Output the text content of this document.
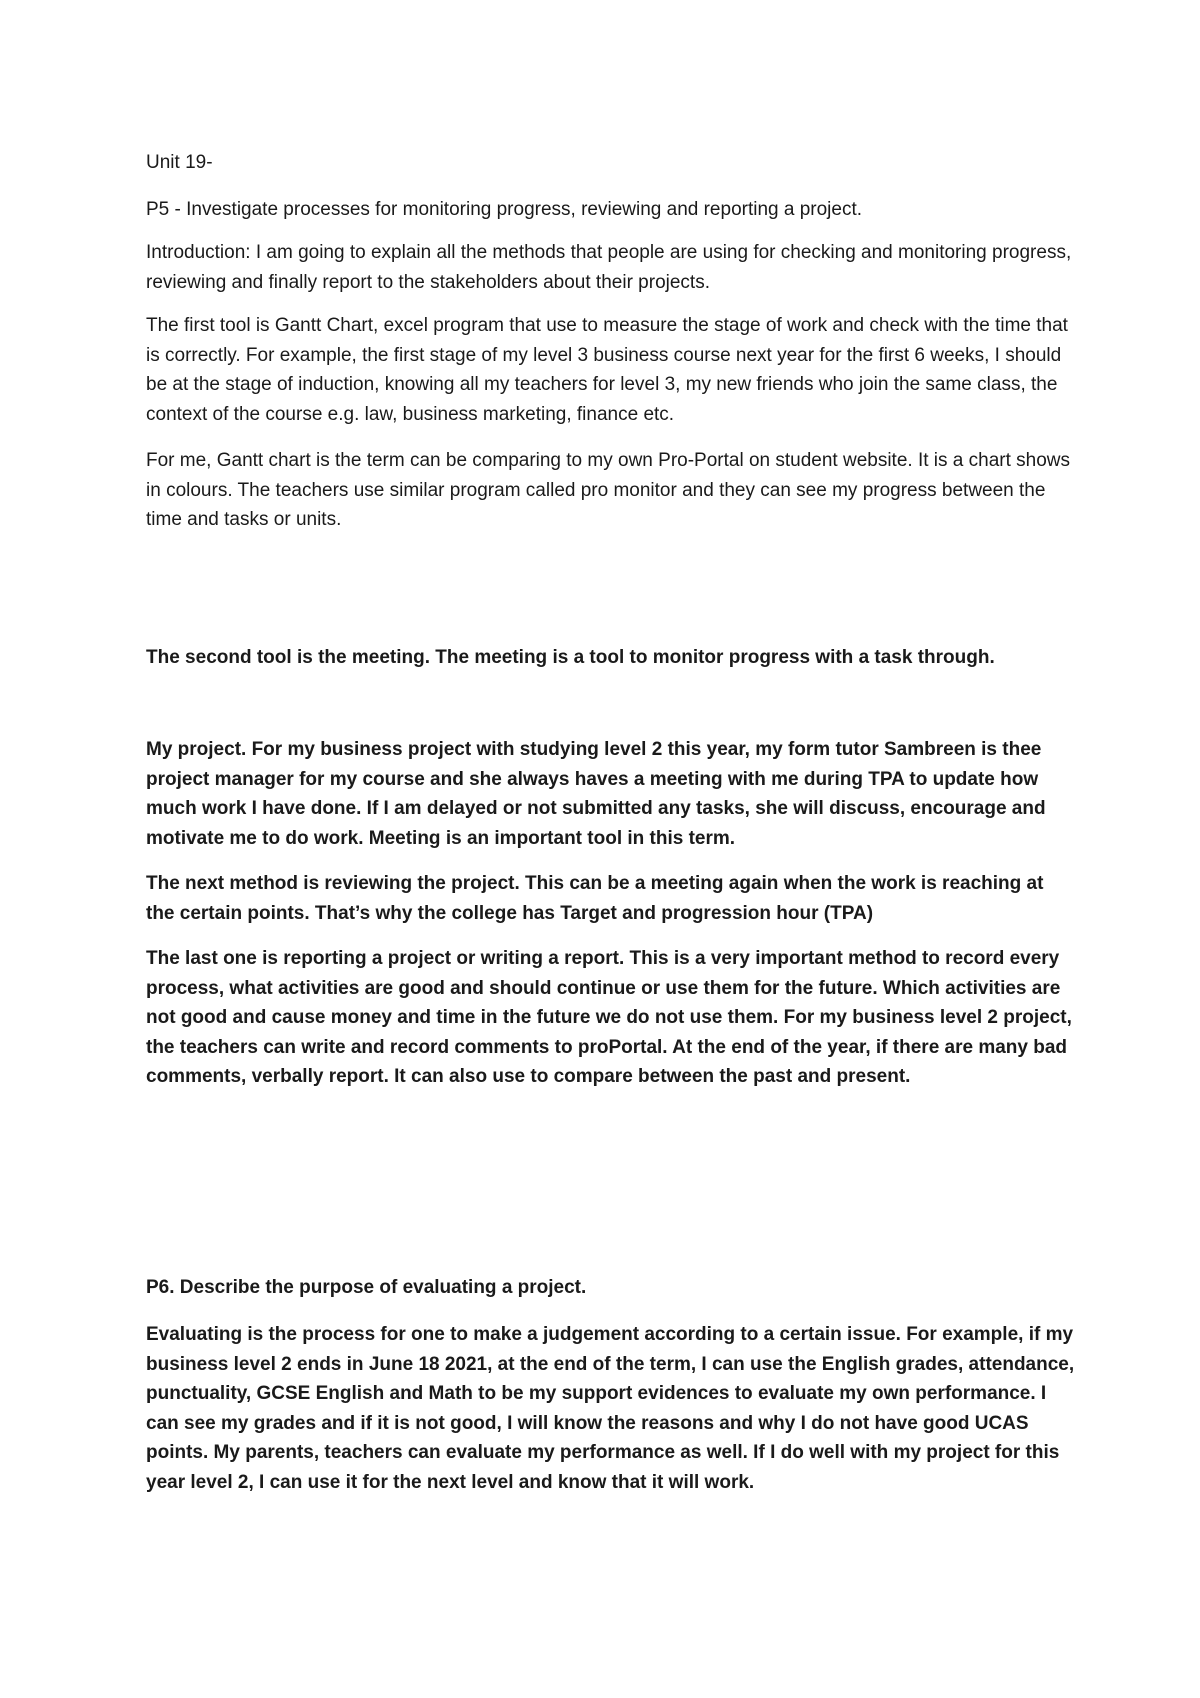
Unit 19-

P5 - Investigate processes for monitoring progress, reviewing and reporting a project.

Introduction: I am going to explain all the methods that people are using for checking and monitoring progress, reviewing and finally report to the stakeholders about their projects.

The first tool is Gantt Chart, excel program that use to measure the stage of work and check with the time that is correctly. For example, the first stage of my level 3 business course next year for the first 6 weeks, I should be at the stage of induction, knowing all my teachers for level 3, my new friends who join the same class, the context of the course e.g. law, business marketing, finance etc.

For me, Gantt chart is the term can be comparing to my own Pro-Portal on student website. It is a chart shows in colours. The teachers use similar program called pro monitor and they can see my progress between the time and tasks or units.

The second tool is the meeting. The meeting is a tool to monitor progress with a task through.

My project. For my business project with studying level 2 this year, my form tutor Sambreen is thee project manager for my course and she always haves a meeting with me during TPA to update how much work I have done. If I am delayed or not submitted any tasks, she will discuss, encourage and motivate me to do work. Meeting is an important tool in this term.

The next method is reviewing the project. This can be a meeting again when the work is reaching at the certain points. That’s why the college has Target and progression hour (TPA)

The last one is reporting a project or writing a report. This is a very important method to record every process, what activities are good and should continue or use them for the future. Which activities are not good and cause money and time in the future we do not use them. For my business level 2 project, the teachers can write and record comments to proPortal. At the end of the year, if there are many bad comments, verbally report. It can also use to compare between the past and present.

P6. Describe the purpose of evaluating a project.

Evaluating is the process for one to make a judgement according to a certain issue. For example, if my business level 2 ends in June 18 2021, at the end of the term, I can use the English grades, attendance, punctuality, GCSE English and Math to be my support evidences to evaluate my own performance. I can see my grades and if it is not good, I will know the reasons and why I do not have good UCAS points. My parents, teachers can evaluate my performance as well. If I do well with my project for this year level 2, I can use it for the next level and know that it will work.
